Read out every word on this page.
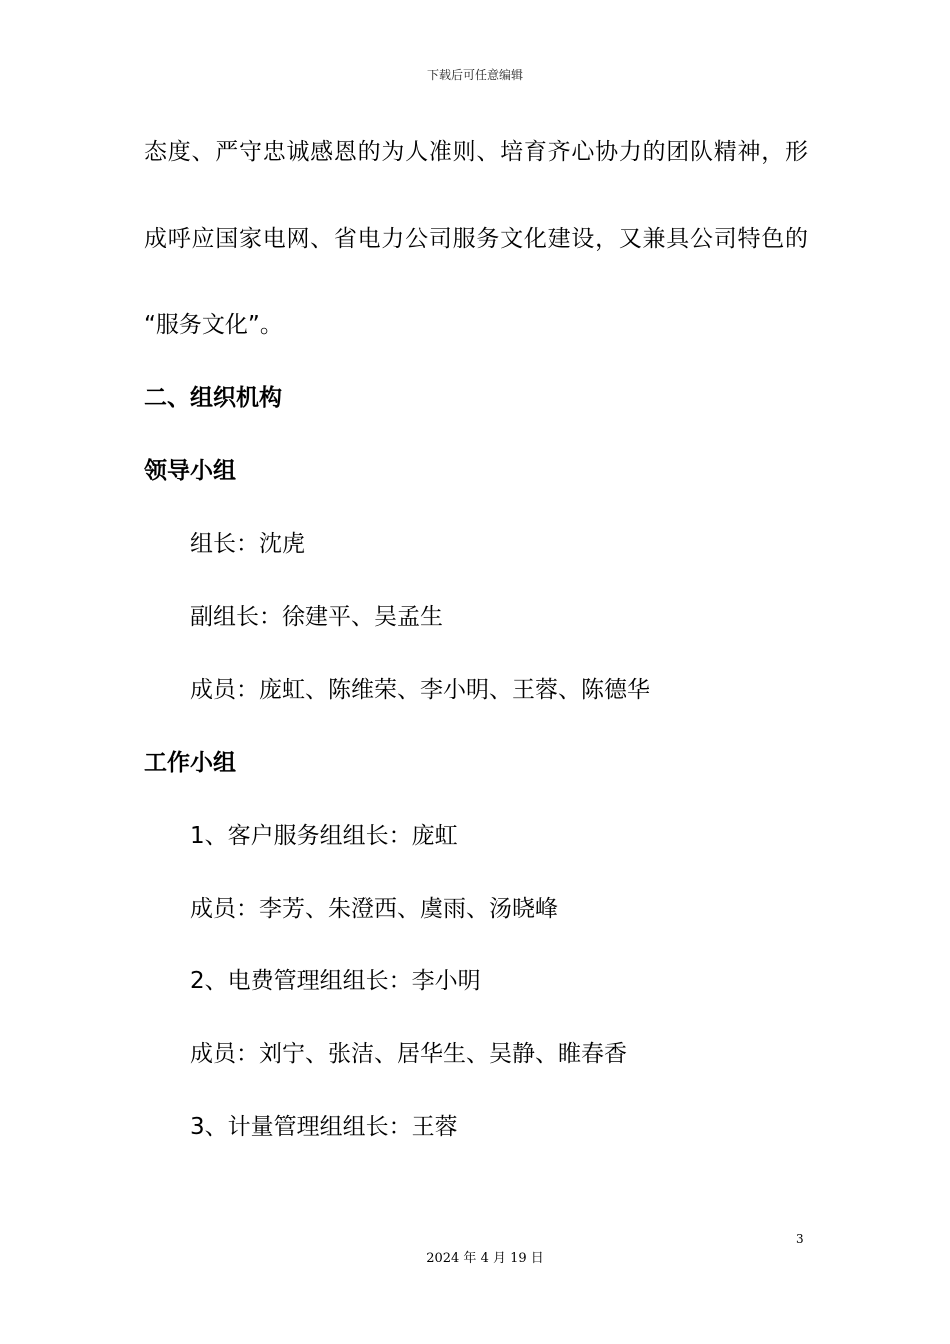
下载后可任意编辑
态度、严守忠诚感恩的为人准则、培育齐心协力的团队精神，形
成呼应国家电网、省电力公司服务文化建设，又兼具公司特色的
“服务文化”。
二、组织机构
领导小组
组长：沈虎
副组长：徐建平、吴孟生
成员：庞虹、陈维荣、李小明、王蓉、陈德华
工作小组
1、客户服务组组长：庞虹
成员：李芳、朱澄西、虞雨、汤晓峰
2、电费管理组组长：李小明
成员：刘宁、张洁、居华生、吴静、睢春香
3、计量管理组组长：王蓉
3
2024 年 4 月 19 日
